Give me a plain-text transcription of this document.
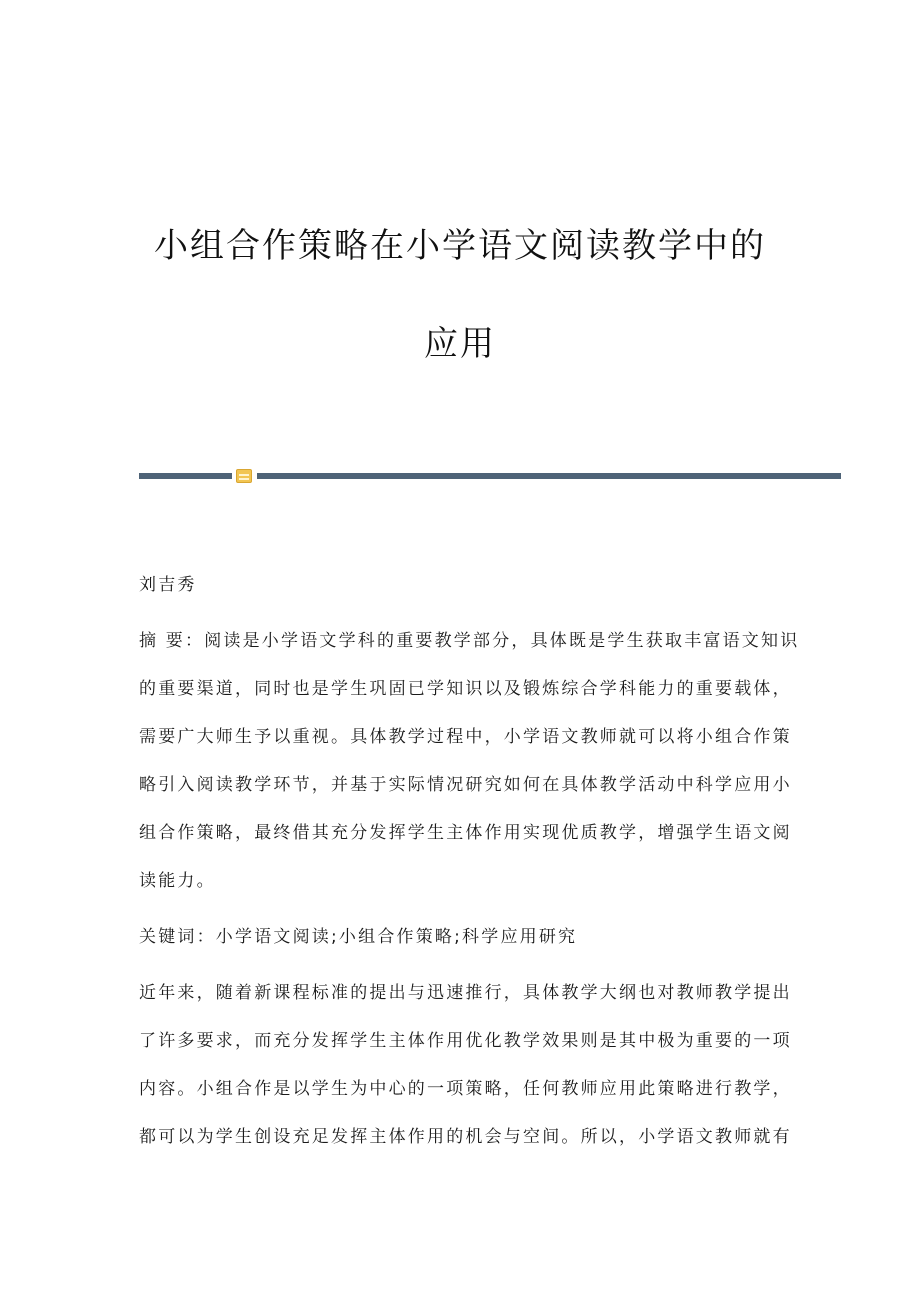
小组合作策略在小学语文阅读教学中的
应用
刘吉秀
摘 要：阅读是小学语文学科的重要教学部分，具体既是学生获取丰富语文知识
的重要渠道，同时也是学生巩固已学知识以及锻炼综合学科能力的重要载体，
需要广大师生予以重视。具体教学过程中，小学语文教师就可以将小组合作策
略引入阅读教学环节，并基于实际情况研究如何在具体教学活动中科学应用小
组合作策略，最终借其充分发挥学生主体作用实现优质教学，增强学生语文阅
读能力。
关键词：小学语文阅读;小组合作策略;科学应用研究
近年来，随着新课程标准的提出与迅速推行，具体教学大纲也对教师教学提出
了许多要求，而充分发挥学生主体作用优化教学效果则是其中极为重要的一项
内容。小组合作是以学生为中心的一项策略，任何教师应用此策略进行教学，
都可以为学生创设充足发挥主体作用的机会与空间。所以，小学语文教师就有
